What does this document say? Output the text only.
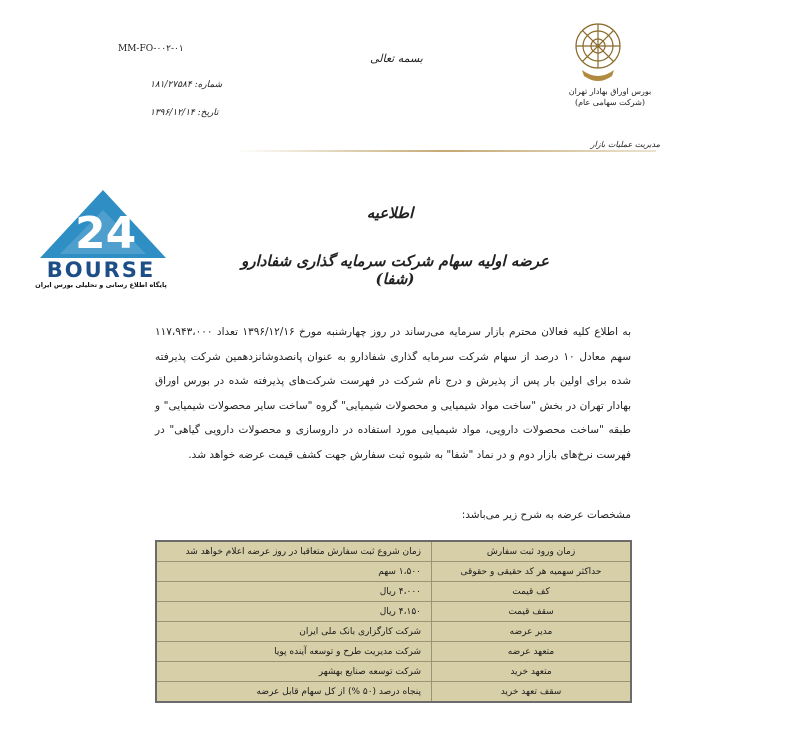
MM-FO-۰۰۲-۰۱
شماره: ۱۸۱/۲۷۵۸۴
تاریخ: ۱۳۹۶/۱۲/۱۴
بسمه تعالی
بورس اوراق بهادار تهران
(شرکت سهامی عام)
مدیریت عملیات بازار
24
BOURSE
پایگاه اطلاع رسانی و تحلیلی بورس ایران
اطلاعیه
عرضه اولیه سهام شرکت سرمایه گذاری شفادارو (شفا)
به اطلاع کلیه فعالان محترم بازار سرمایه می‌رساند در روز چهارشنبه مورخ ۱۳۹۶/۱۲/۱۶ تعداد ۱۱۷،۹۴۳،۰۰۰ سهم معادل ۱۰ درصد از سهام شرکت سرمایه گذاری شفادارو به عنوان پانصدوشانزدهمین شرکت پذیرفته شده برای اولین بار پس از پذیرش و درج نام شرکت در فهرست شرکت‌های پذیرفته شده در بورس اوراق بهادار تهران در بخش "ساخت مواد شیمیایی و محصولات شیمیایی" گروه "ساخت سایر محصولات شیمیایی" و طبقه "ساخت محصولات دارویی، مواد شیمیایی مورد استفاده در داروسازی و محصولات دارویی گیاهی" در فهرست نرخ‌های بازار دوم و در نماد "شفا" به شیوه ثبت سفارش جهت کشف قیمت عرضه خواهد شد.
مشخصات عرضه به شرح زیر می‌باشد:
زمان ورود ثبت سفارش	زمان شروع ثبت سفارش متعاقبا در روز عرضه اعلام خواهد شد
حداکثر سهمیه هر کد حقیقی و حقوقی	۱،۵۰۰ سهم
کف قیمت	۴،۰۰۰ ریال
سقف قیمت	۴،۱۵۰ ریال
مدیر عرضه	شرکت کارگزاری بانک ملی ایران
متعهد عرضه	شرکت مدیریت طرح و توسعه آینده پویا
متعهد خرید	شرکت توسعه صنایع بهشهر
سقف تعهد خرید	پنجاه درصد (۵۰ %) از کل سهام قابل عرضه
